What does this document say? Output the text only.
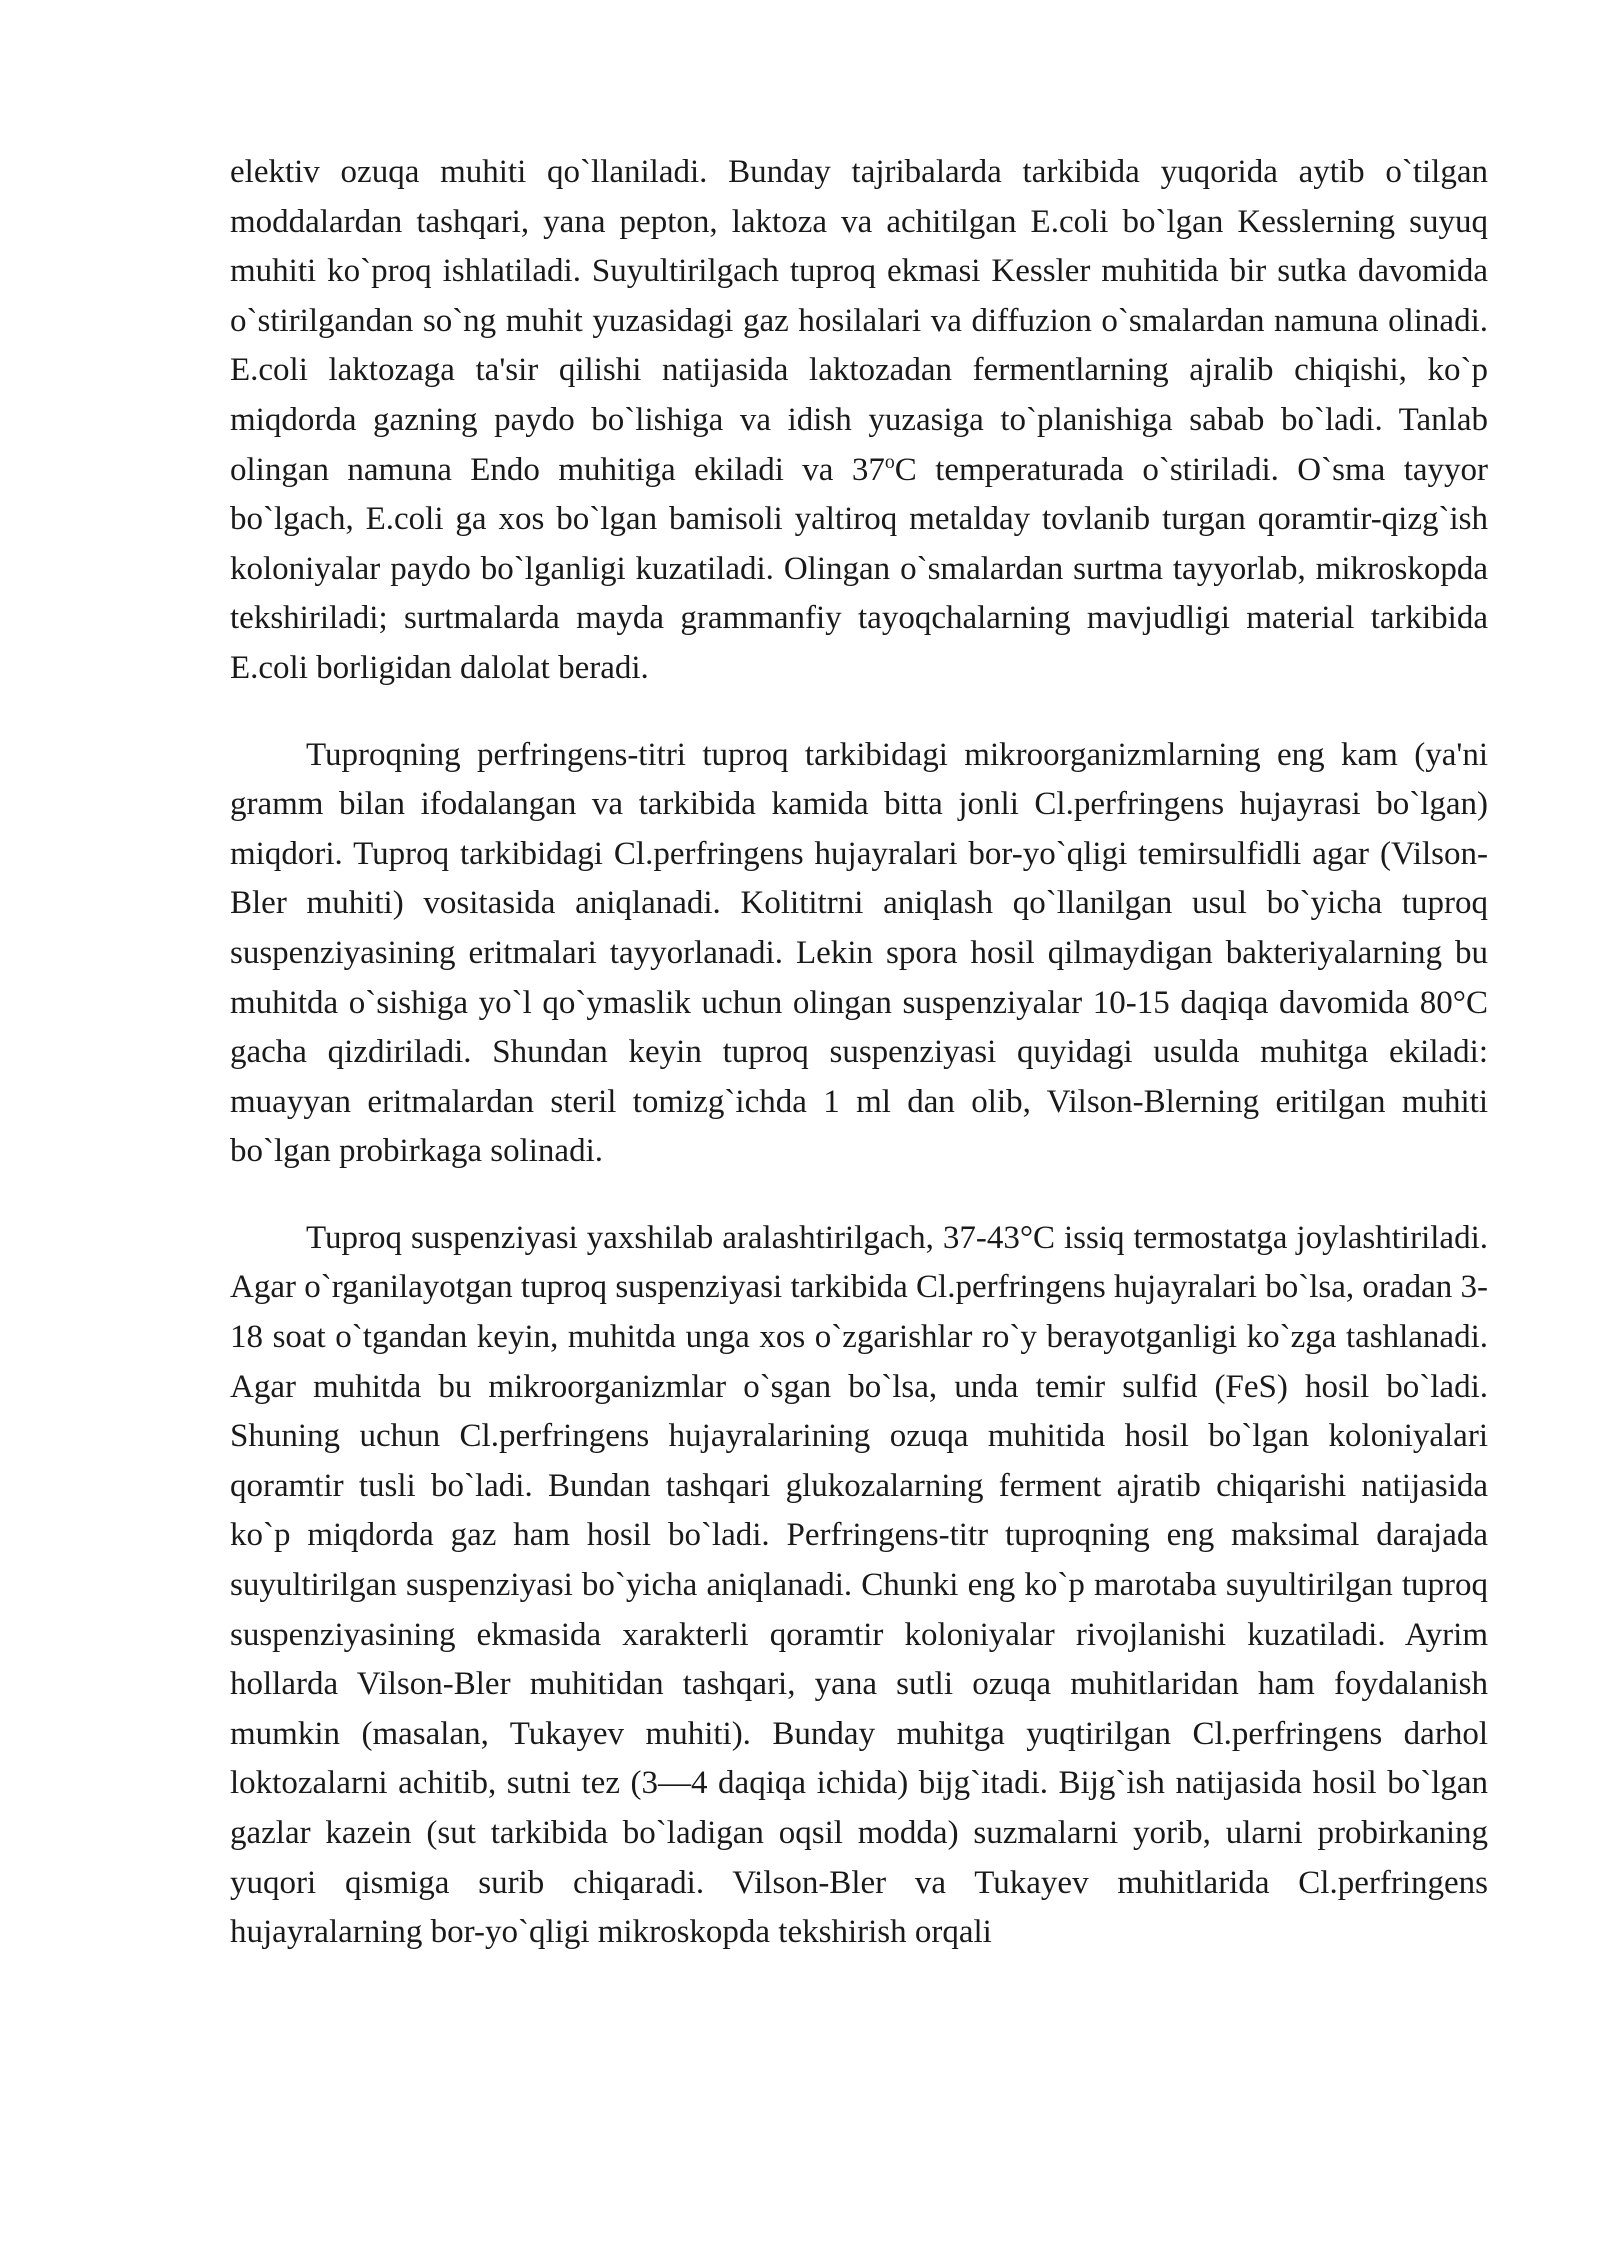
elektiv ozuqa muhiti qo`llaniladi. Bunday tajribalarda tarkibida yuqorida aytib o`tilgan moddalardan tashqari, yana pepton, laktoza va achitilgan E.coli bo`lgan Kesslerning suyuq muhiti ko`proq ishlatiladi. Suyultirilgach tuproq ekmasi Kessler muhitida bir sutka davomida o`stirilgandan so`ng muhit yuzasidagi gaz hosilalari va diffuzion o`smalardan namuna olinadi. E.coli laktozaga ta'sir qilishi natijasida laktozadan fermentlarning ajralib chiqishi, ko`p miqdorda gazning paydo bo`lishiga va idish yuzasiga to`planishiga sabab bo`ladi. Tanlab olingan namuna Endo muhitiga ekiladi va 37$^o$C temperaturada o`stiriladi. O`sma tayyor bo`lgach, E.coli ga xos bo`lgan bamisoli yaltiroq metalday tovlanib turgan qoramtir-qizg`ish koloniyalar paydo bo`lganligi kuzatiladi. Olingan o`smalardan surtma tayyorlab, mikroskopda tekshiriladi; surtmalarda mayda grammanfiy tayoqchalarning mavjudligi material tarkibida E.coli borligidan dalolat beradi.

Tuproqning perfringens-titri tuproq tarkibidagi mikroorganizmlarning eng kam (ya'ni gramm bilan ifodalangan va tarkibida kamida bitta jonli Cl.perfringens hujayrasi bo`lgan) miqdori. Tuproq tarkibidagi Cl.perfringens hujayralari bor-yo`qligi temirsulfidli agar (Vilson-Bler muhiti) vositasida aniqlanadi. Kolititrni aniqlash qo`llanilgan usul bo`yicha tuproq suspenziyasining eritmalari tayyorlanadi. Lekin spora hosil qilmaydigan bakteriyalarning bu muhitda o`sishiga yo`l qo`ymaslik uchun olingan suspenziyalar 10-15 daqiqa davomida 80°C gacha qizdiriladi. Shundan keyin tuproq suspenziyasi quyidagi usulda muhitga ekiladi: muayyan eritmalardan steril tomizg`ichda 1 ml dan olib, Vilson-Blerning eritilgan muhiti bo`lgan probirkaga solinadi.

Tuproq suspenziyasi yaxshilab aralashtirilgach, 37-43°C issiq termostatga joylashtiriladi. Agar o`rganilayotgan tuproq suspenziyasi tarkibida Cl.perfringens hujayralari bo`lsa, oradan 3-18 soat o`tgandan keyin, muhitda unga xos o`zgarishlar ro`y berayotganligi ko`zga tashlanadi. Agar muhitda bu mikroorganizmlar o`sgan bo`lsa, unda temir sulfid (FeS) hosil bo`ladi. Shuning uchun Cl.perfringens hujayralarining ozuqa muhitida hosil bo`lgan koloniyalari qoramtir tusli bo`ladi. Bundan tashqari glukozalarning ferment ajratib chiqarishi natijasida ko`p miqdorda gaz ham hosil bo`ladi. Perfringens-titr tuproqning eng maksimal darajada suyultirilgan suspenziyasi bo`yicha aniqlanadi. Chunki eng ko`p marotaba suyultirilgan tuproq suspenziyasining ekmasida xarakterli qoramtir koloniyalar rivojlanishi kuzatiladi. Ayrim hollarda Vilson-Bler muhitidan tashqari, yana sutli ozuqa muhitlaridan ham foydalanish mumkin (masalan, Tukayev muhiti). Bunday muhitga yuqtirilgan Cl.perfringens darhol loktozalarni achitib, sutni tez (3—4 daqiqa ichida) bijg`itadi. Bijg`ish natijasida hosil bo`lgan gazlar kazein (sut tarkibida bo`ladigan oqsil modda) suzmalarni yorib, ularni probirkaning yuqori qismiga surib chiqaradi. Vilson-Bler va Tukayev muhitlarida Cl.perfringens hujayralarning bor-yo`qligi mikroskopda tekshirish orqali
